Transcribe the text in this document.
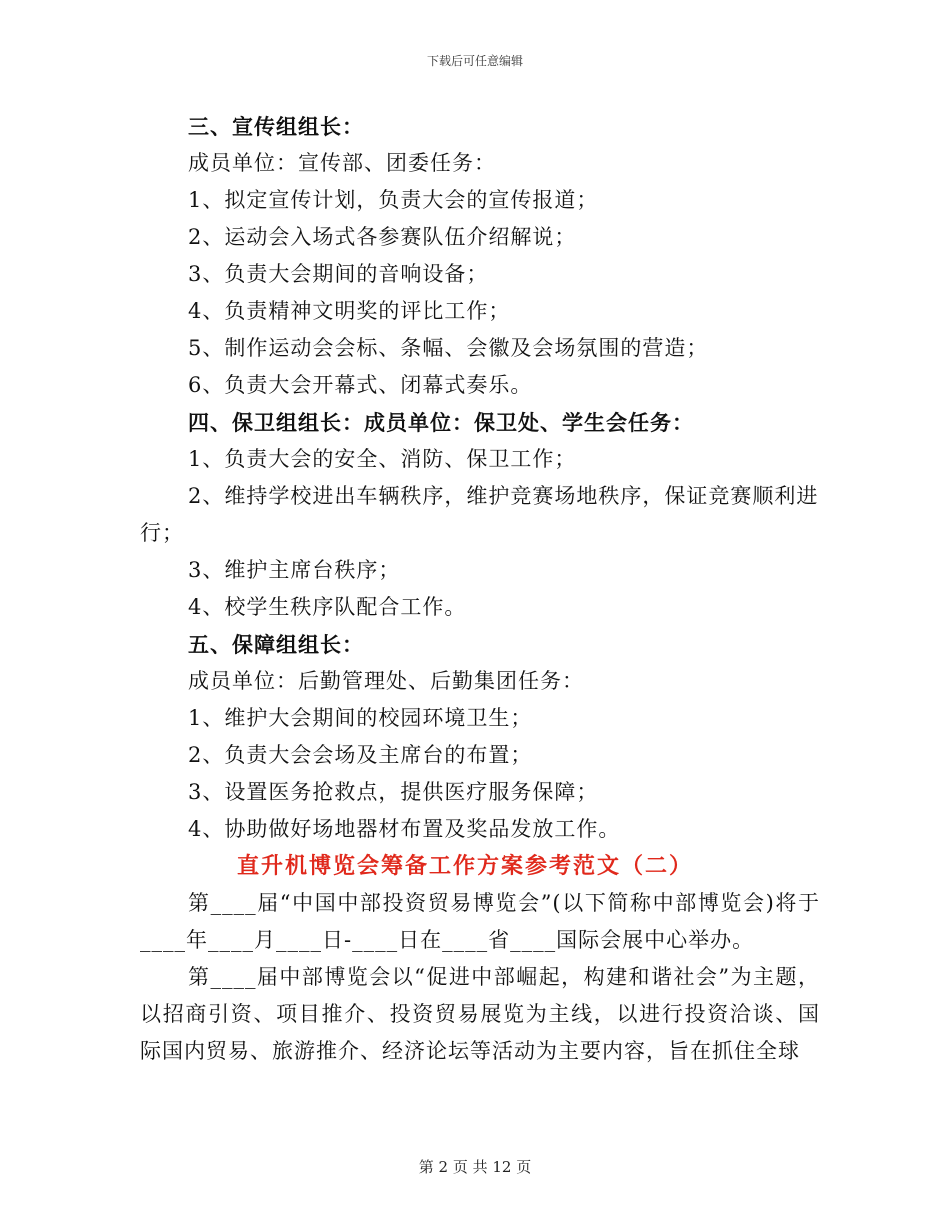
下载后可任意编辑
三、宣传组组长：
成员单位：宣传部、团委任务：
1、拟定宣传计划，负责大会的宣传报道；
2、运动会入场式各参赛队伍介绍解说；
3、负责大会期间的音响设备；
4、负责精神文明奖的评比工作；
5、制作运动会会标、条幅、会徽及会场氛围的营造；
6、负责大会开幕式、闭幕式奏乐。
四、保卫组组长：成员单位：保卫处、学生会任务：
1、负责大会的安全、消防、保卫工作；
2、维持学校进出车辆秩序，维护竞赛场地秩序，保证竞赛顺利进
行；
3、维护主席台秩序；
4、校学生秩序队配合工作。
五、保障组组长：
成员单位：后勤管理处、后勤集团任务：
1、维护大会期间的校园环境卫生；
2、负责大会会场及主席台的布置；
3、设置医务抢救点，提供医疗服务保障；
4、协助做好场地器材布置及奖品发放工作。
直升机博览会筹备工作方案参考范文（二）
第____届“中国中部投资贸易博览会”(以下简称中部博览会)将于____年____月____日-____日在____省____国际会展中心举办。
第____届中部博览会以“促进中部崛起，构建和谐社会”为主题，以招商引资、项目推介、投资贸易展览为主线，以进行投资洽谈、国际国内贸易、旅游推介、经济论坛等活动为主要内容，旨在抓住全球
第 2 页 共 12 页
